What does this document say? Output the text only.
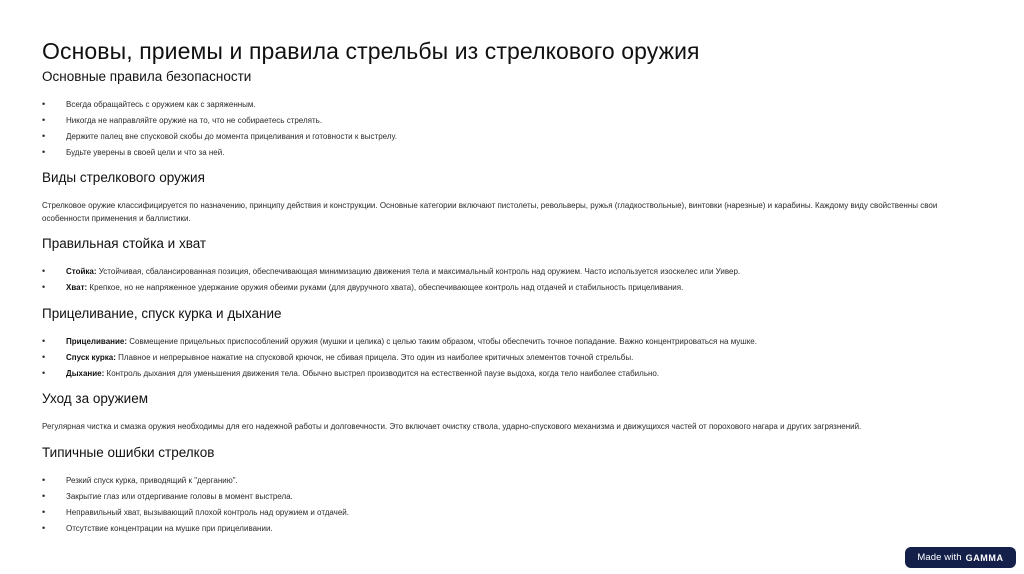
Основы, приемы и правила стрельбы из стрелкового оружия
Основные правила безопасности
•	Всегда обращайтесь с оружием как с заряженным.
•	Никогда не направляйте оружие на то, что не собираетесь стрелять.
•	Держите палец вне спусковой скобы до момента прицеливания и готовности к выстрелу.
•	Будьте уверены в своей цели и что за ней.
Виды стрелкового оружия

Стрелковое оружие классифицируется по назначению, принципу действия и конструкции. Основные категории включают пистолеты, револьверы, ружья (гладкоствольные), винтовки (нарезные) и карабины. Каждому виду свойственны свои особенности применения и баллистики.

Правильная стойка и хват
•	Стойка: Устойчивая, сбалансированная позиция, обеспечивающая минимизацию движения тела и максимальный контроль над оружием. Часто используется изоскелес или Уивер.
•	Хват: Крепкое, но не напряженное удержание оружия обеими руками (для двуручного хвата), обеспечивающее контроль над отдачей и стабильность прицеливания.
Прицеливание, спуск курка и дыхание
•	Прицеливание: Совмещение прицельных приспособлений оружия (мушки и целика) с целью таким образом, чтобы обеспечить точное попадание. Важно концентрироваться на мушке.
•	Спуск курка: Плавное и непрерывное нажатие на спусковой крючок, не сбивая прицела. Это один из наиболее критичных элементов точной стрельбы.
•	Дыхание: Контроль дыхания для уменьшения движения тела. Обычно выстрел производится на естественной паузе выдоха, когда тело наиболее стабильно.
Уход за оружием

Регулярная чистка и смазка оружия необходимы для его надежной работы и долговечности. Это включает очистку ствола, ударно-спускового механизма и движущихся частей от порохового нагара и других загрязнений.

Типичные ошибки стрелков
•	Резкий спуск курка, приводящий к "дерганию".
•	Закрытие глаз или отдергивание головы в момент выстрела.
•	Неправильный хват, вызывающий плохой контроль над оружием и отдачей.
•	Отсутствие концентрации на мушке при прицеливании.
Made with GAMMA
